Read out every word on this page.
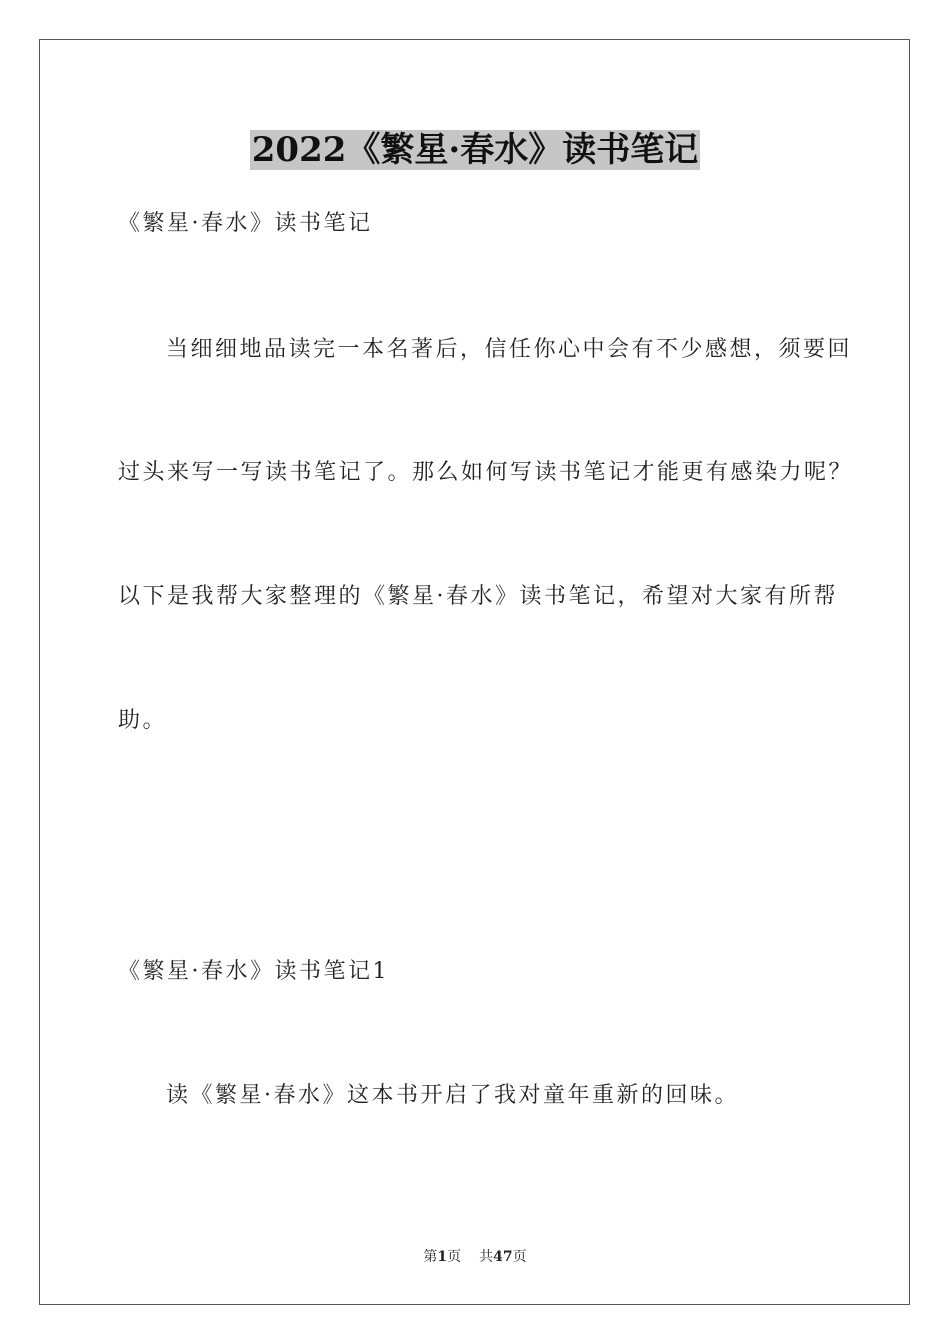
2022《繁星·春水》读书笔记
《繁星·春水》读书笔记
当细细地品读完一本名著后，信任你心中会有不少感想，须要回
过头来写一写读书笔记了。那么如何写读书笔记才能更有感染力呢？
以下是我帮大家整理的《繁星·春水》读书笔记，希望对大家有所帮
助。
《繁星·春水》读书笔记1
读《繁星·春水》这本书开启了我对童年重新的回味。
第1页 共47页
